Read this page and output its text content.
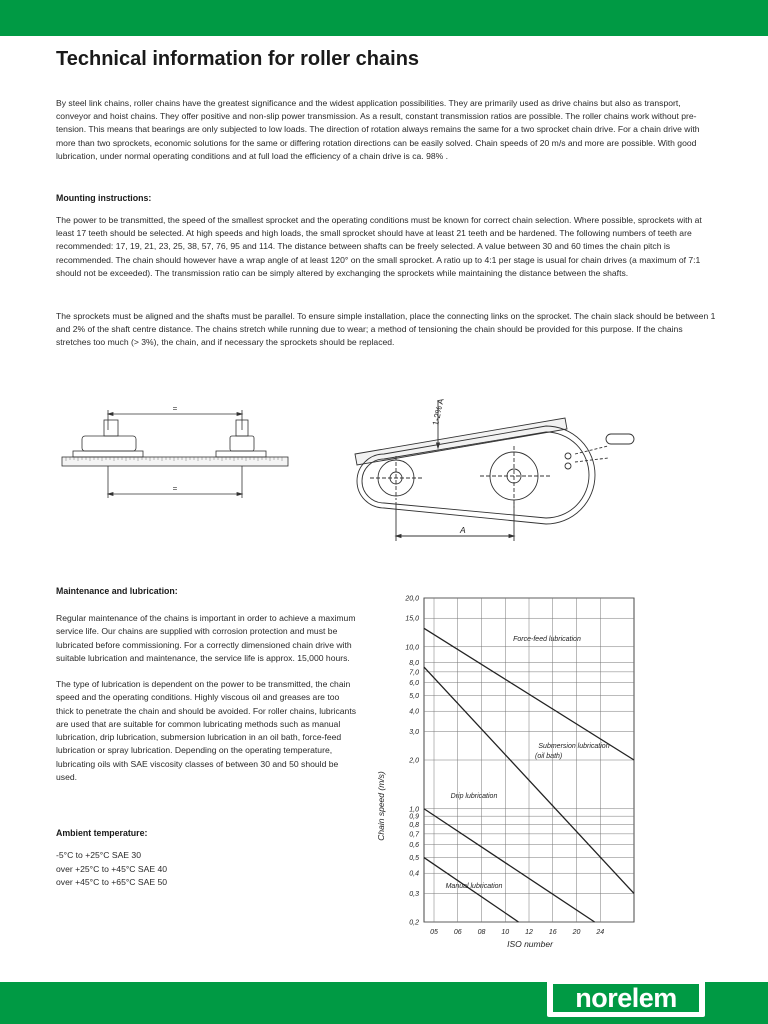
Technical information for roller chains

By steel link chains, roller chains have the greatest significance and the widest application possibilities. They are primarily used as drive chains but also as transport, conveyor and hoist chains. They offer positive and non-slip power transmission. As a result, constant transmission ratios are possible. The roller chains work without pre-tension. This means that bearings are only subjected to low loads. The direction of rotation always remains the same for a two sprocket chain drive. For a chain drive with more than two sprockets, economic solutions for the same or differing rotation directions can be easily solved. Chain speeds of 20 m/s and more are possible. With good lubrication, under normal operating conditions and at full load the efficiency of a chain drive is ca. 98% .

Mounting instructions:

The power to be transmitted, the speed of the smallest sprocket and the operating conditions must be known for correct chain selection. Where possible, sprockets with at least 17 teeth should be selected. At high speeds and high loads, the small sprocket should have at least 21 teeth and be hardened. The following numbers of teeth are recommended: 17, 19, 21, 23, 25, 38, 57, 76, 95 and 114. The distance between shafts can be freely selected. A value between 30 and 60 times the chain pitch is recommended. The chain should however have a wrap angle of at least 120° on the small sprocket. A ratio up to 4:1 per stage is usual for chain drives (a maximum of 7:1 should not be exceeded). The transmission ratio can be simply altered by exchanging the sprockets while maintaining the distance between the shafts.

The sprockets must be aligned and the shafts must be parallel. To ensure simple installation, place the connecting links on the sprocket. The chain slack should be between 1 and 2% of the shaft centre distance. The chains stretch while running due to wear; a method of tensioning the chain should be provided for this purpose. If the chains stretches too much (> 3%), the chain, and if necessary the sprockets should be replaced.

=
=
1-2% A
A

Maintenance and lubrication:

Regular maintenance of the chains is important in order to achieve a maximum service life. Our chains are supplied with corrosion protection and must be lubricated before commissioning. For a correctly dimensioned chain drive with suitable lubrication and maintenance, the service life is approx. 15,000 hours.

The type of lubrication is dependent on the power to be transmitted, the chain speed and the operating conditions. Highly viscous oil and greases are too thick to penetrate the chain and should be avoided. For roller chains, lubricants are used that are suitable for common lubricating methods such as manual lubrication, drip lubrication, submersion lubrication in an oil bath, force-feed lubrication or spray lubrication. Depending on the operating temperature, lubricating oils with SAE viscosity classes of between 30 and 50 should be used.

Ambient temperature:

-5°C to +25°C SAE 30
over +25°C to +45°C SAE 40
over +45°C to +65°C SAE 50
Chain speed (m/s)
ISO number
Force-feed lubrication
Submersion lubrication
(oil bath)
Drip lubrication
Manual lubrication
20,0
15,0
10,0
8,0
7,0
6,0
5,0
4,0
3,0
2,0
1,0
0,9
0,8
0,7
0,6
0,5
0,4
0,3
0,2
05 06 08 10 12 16 20 24
norelem
